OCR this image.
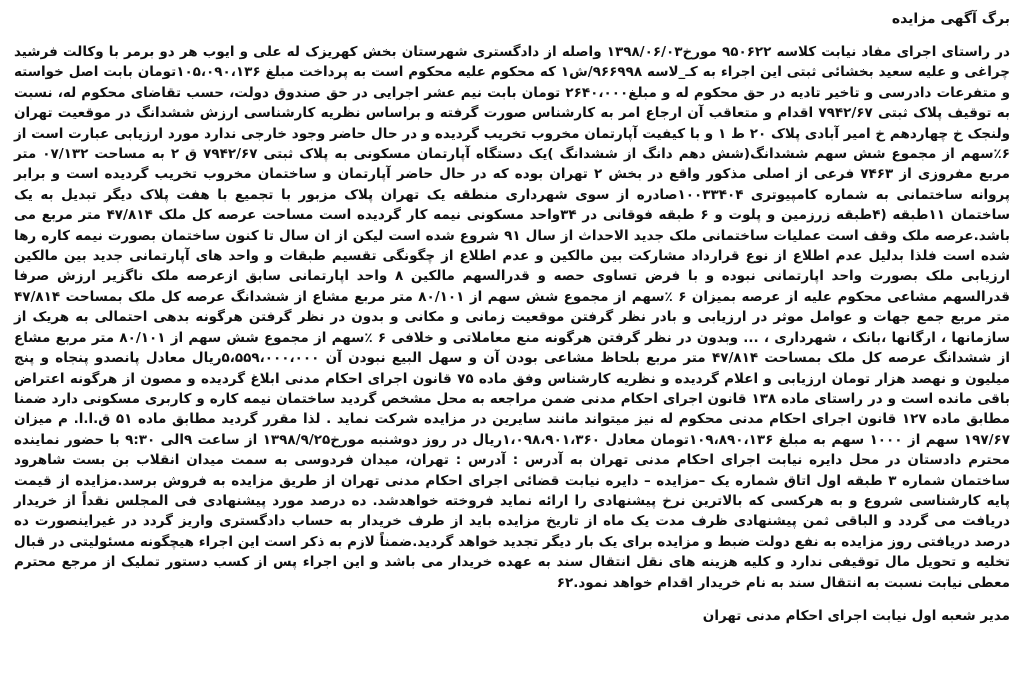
برگ آگهی مزایده

در راستای اجرای مفاد نیابت کلاسه ۹۵۰۶۲۲ مورخ۱۳۹۸/۰۶/۰۳ واصله از دادگستری شهرستان بخش کهریزک له علی و ایوب هر دو برمر با وکالت فرشید چراغی و علیه سعید بخشائی ثبتی این اجراء به کـ_لاسه ۹۶۶۹۹۸/ش۱ که محکوم علیه محکوم است به پرداخت مبلغ ۱۰۵،۰۹۰،۱۳۶تومان بابت اصل خواسته و متفرعات دادرسی و تاخیر تادیه در حق محکوم له و مبلغ۲۶۴۰،۰۰۰ تومان بابت نیم عشر اجرایی در حق صندوق دولت، حسب تقاضای محکوم له، نسبت به توقیف پلاک ثبتی ۷۹۴۲/۶۷ اقدام و متعاقب آن ارجاع امر به کارشناس صورت گرفته و براساس نظریه کارشناسی ارزش ششدانگ در موقعیت تهران ولنجک خ چهاردهم خ امیر آبادی پلاک ۲۰ ط ۱ و با کیفیت آپارتمان مخروب تخریب گردیده و در حال حاضر وجود خارجی ندارد مورد ارزیابی عبارت است از ۶٪سهم از مجموع شش سهم ششدانگ(شش دهم دانگ از ششدانگ )یک دستگاه آپارتمان مسکونی به پلاک ثبتی ۷۹۴۲/۶۷ ق ۲ به مساحت ۰۷/۱۳۲ متر مربع مفروزی از ۷۴۶۳ فرعی از اصلی مذکور واقع در بخش ۲ تهران بوده که در حال حاضر آپارتمان و ساختمان مخروب تخریب گردیده است و برابر پروانه ساختمانی به شماره کامپیوتری ۱۰۰۳۳۴۰۴صادره از سوی شهرداری منطقه یک تهران پلاک مزبور با تجمیع با هفت پلاک دیگر تبدیل به یک ساختمان ۱۱طبقه (۴طبقه زرزمین و پلوت و ۶ طبقه فوقانی در ۳۴واحد مسکونی نیمه کار گردیده است مساحت عرصه کل ملک ۴۷/۸۱۴ متر مربع می باشد.عرصه ملک وقف است عملیات ساختمانی ملک جدید الاحداث از سال ۹۱ شروع شده است لیکن از ان سال تا کنون ساختمان بصورت نیمه کاره رها شده است فلذا بدلیل عدم اطلاع از نوع قرارداد مشارکت بین مالکین و عدم اطلاع از چگونگی تقسیم طبقات و واحد های آپارتمانی جدید بین مالکین ارزیابی ملک بصورت واحد اپارتمانی نبوده و با فرض تساوی حصه و قدرالسهم مالکین ۸ واحد اپارتمانی سابق ازعرصه ملک ناگزیر ارزش صرفا قدرالسهم مشاعی محکوم علیه از عرصه بمیزان ۶ ٪سهم از مجموع شش سهم از ۸۰/۱۰۱ متر مربع مشاع از ششدانگ عرصه کل ملک بمساحت ۴۷/۸۱۴ متر مربع جمع جهات و عوامل موثر در ارزیابی و بادر نظر گرفتن موقعیت زمانی و مکانی و بدون در نظر گرفتن هرگونه بدهی احتمالی به هریک از سازمانها ، ارگانها ،بانک ، شهرداری ، ... وبدون در نظر گرفتن هرگونه منع معاملاتی و خلافی ۶ ٪سهم از مجموع شش سهم از ۸۰/۱۰۱ متر مربع مشاع از ششدانگ عرصه کل ملک بمساحت ۴۷/۸۱۴ متر مربع بلحاظ مشاعی بودن آن و سهل البیع نبودن آن ۵،۵۵۹،۰۰۰،۰۰۰ریال معادل پانصدو پنجاه و پنج میلیون و نهصد هزار تومان ارزیابی و اعلام گردیده و نظریه کارشناس وفق ماده ۷۵ قانون اجرای احکام مدنی ابلاغ گردیده و مصون از هرگونه اعتراض باقی مانده است و در راستای ماده ۱۳۸ قانون اجرای احکام مدنی ضمن مراجعه به محل مشخص گردید ساختمان نیمه کاره و کاربری مسکونی دارد ضمنا مطابق ماده ۱۲۷ قانون اجرای احکام مدنی محکوم له نیز میتواند مانند سایرین در مزایده شرکت نماید . لذا مقرر گردید مطابق ماده ۵۱ ق.ا.ا. م میزان ۱۹۷/۶۷ سهم از ۱۰۰۰ سهم به مبلغ ۱۰۹،۸۹۰،۱۳۶تومان معادل ۱،۰۹۸،۹۰۱،۳۶۰ریال در روز دوشنبه مورخ۱۳۹۸/۹/۲۵ از ساعت ۹الی ۹:۳۰ با حضور نماینده محترم دادستان در محل دایره نیابت اجرای احکام مدنی تهران به آدرس : آدرس : تهران، میدان فردوسی به سمت میدان انقلاب بن بست شاهرود ساختمان شماره ۳ طبقه اول اتاق شماره یک –مزایده – دایره نیابت قضائی اجرای احکام مدنی تهران از طریق مزایده به فروش برسد.مزایده از قیمت پایه کارشناسی شروع و به هرکسی که بالاترین نرخ پیشنهادی را ارائه نماید فروخته خواهدشد. ده درصد مورد پیشنهادی فی المجلس نقداً از خریدار دریافت می گردد و الباقی ثمن پیشنهادی ظرف مدت یک ماه از تاریخ مزایده باید از طرف خریدار به حساب دادگستری واریز گردد در غیراینصورت ده درصد دریافتی روز مزایده به نفع دولت ضبط و مزایده برای یک بار دیگر تجدید خواهد گردید.ضمناً لازم به ذکر است این اجراء هیچگونه مسئولیتی در قبال تخلیه و تحویل مال توقیفی ندارد و کلیه هزینه های نقل انتقال سند به عهده خریدار می باشد و این اجراء پس از کسب دستور تملیک از مرجع محترم معطی نیابت نسبت به انتقال سند به نام خریدار اقدام خواهد نمود.۶۲

مدیر شعبه اول نیابت اجرای احکام مدنی تهران
